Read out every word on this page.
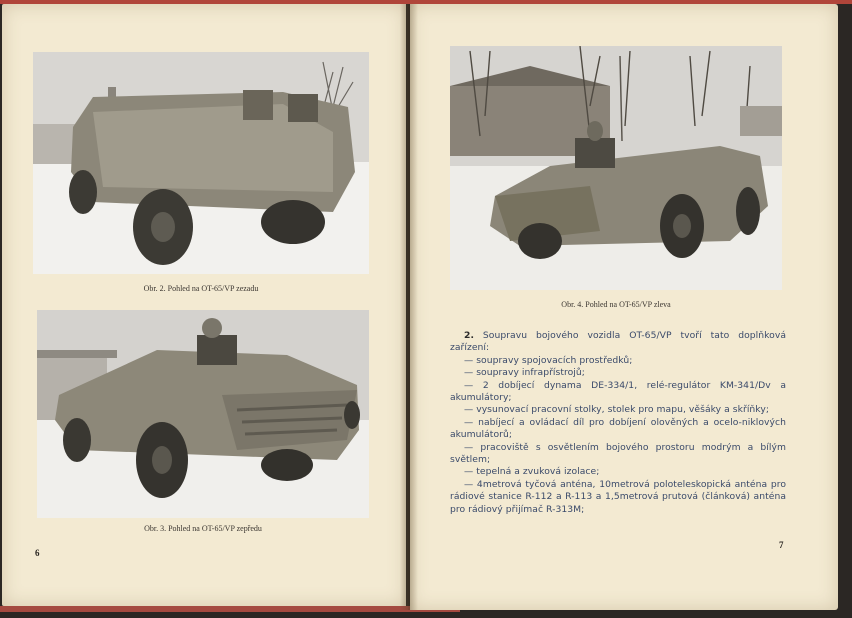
Obr. 2. Pohled na OT-65/VP zezadu
Obr. 3. Pohled na OT-65/VP zepředu
6
Obr. 4. Pohled na OT-65/VP zleva

2. Soupravu bojového vozidla OT-65/VP tvoří tato doplňková zařízení:

— soupravy spojovacích prostředků;

— soupravy infrapřístrojů;

— 2 dobíjecí dynama DE-334/1, relé-regulátor KM-341/Dv a akumulátory;

— vysunovací pracovní stolky, stolek pro mapu, věšáky a skříňky;

— nabíjecí a ovládací díl pro dobíjení olověných a ocelo-niklových akumulátorů;

— pracoviště s osvětlením bojového prostoru modrým a bílým světlem;

— tepelná a zvuková izolace;

— 4metrová tyčová anténa, 10metrová poloteleskopická anténa pro rádiové stanice R-112 a R-113 a 1,5metrová prutová (článková) anténa pro rádiový přijímač R-313M;

7
